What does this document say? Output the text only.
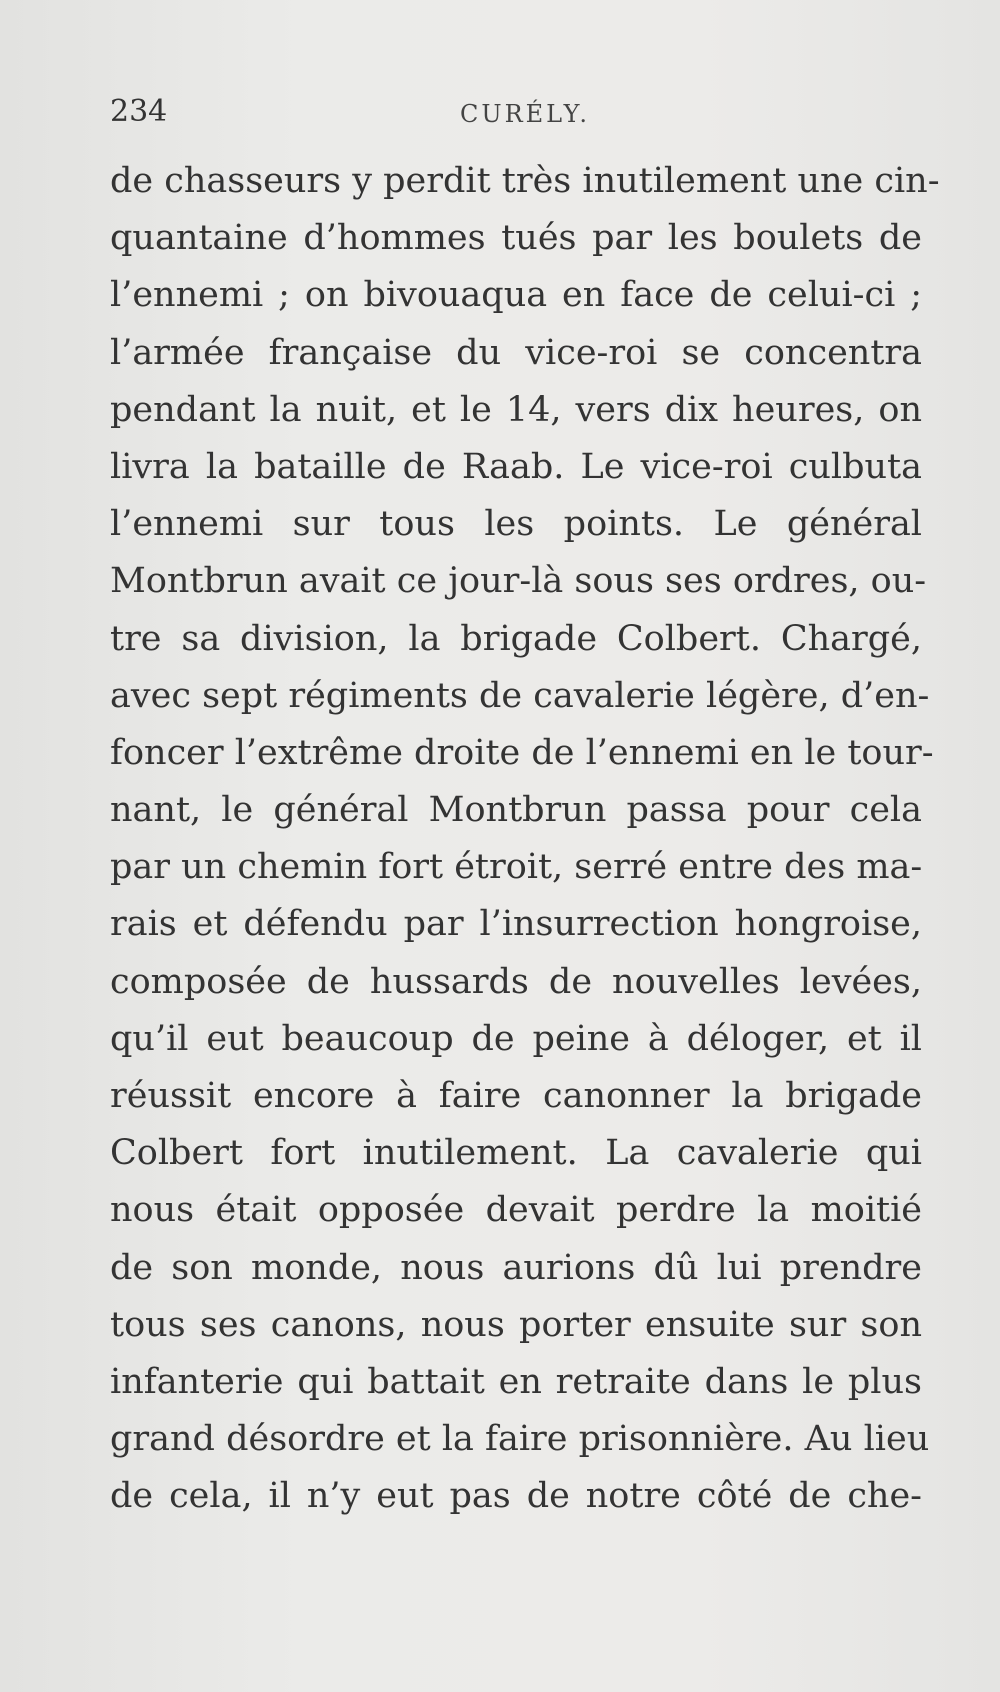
234	CURÉLY.
de chasseurs y perdit très inutilement une cin-
quantaine d’hommes tués par les boulets de
l’ennemi ; on bivouaqua en face de celui-ci ;
l’armée française du vice-roi se concentra
pendant la nuit, et le 14, vers dix heures, on
livra la bataille de Raab. Le vice-roi culbuta
l’ennemi sur tous les points. Le général
Montbrun avait ce jour-là sous ses ordres, ou-
tre sa division, la brigade Colbert. Chargé,
avec sept régiments de cavalerie légère, d’en-
foncer l’extrême droite de l’ennemi en le tour-
nant, le général Montbrun passa pour cela
par un chemin fort étroit, serré entre des ma-
rais et défendu par l’insurrection hongroise,
composée de hussards de nouvelles levées,
qu’il eut beaucoup de peine à déloger, et il
réussit encore à faire canonner la brigade
Colbert fort inutilement. La cavalerie qui
nous était opposée devait perdre la moitié
de son monde, nous aurions dû lui prendre
tous ses canons, nous porter ensuite sur son
infanterie qui battait en retraite dans le plus
grand désordre et la faire prisonnière. Au lieu
de cela, il n’y eut pas de notre côté de che-
